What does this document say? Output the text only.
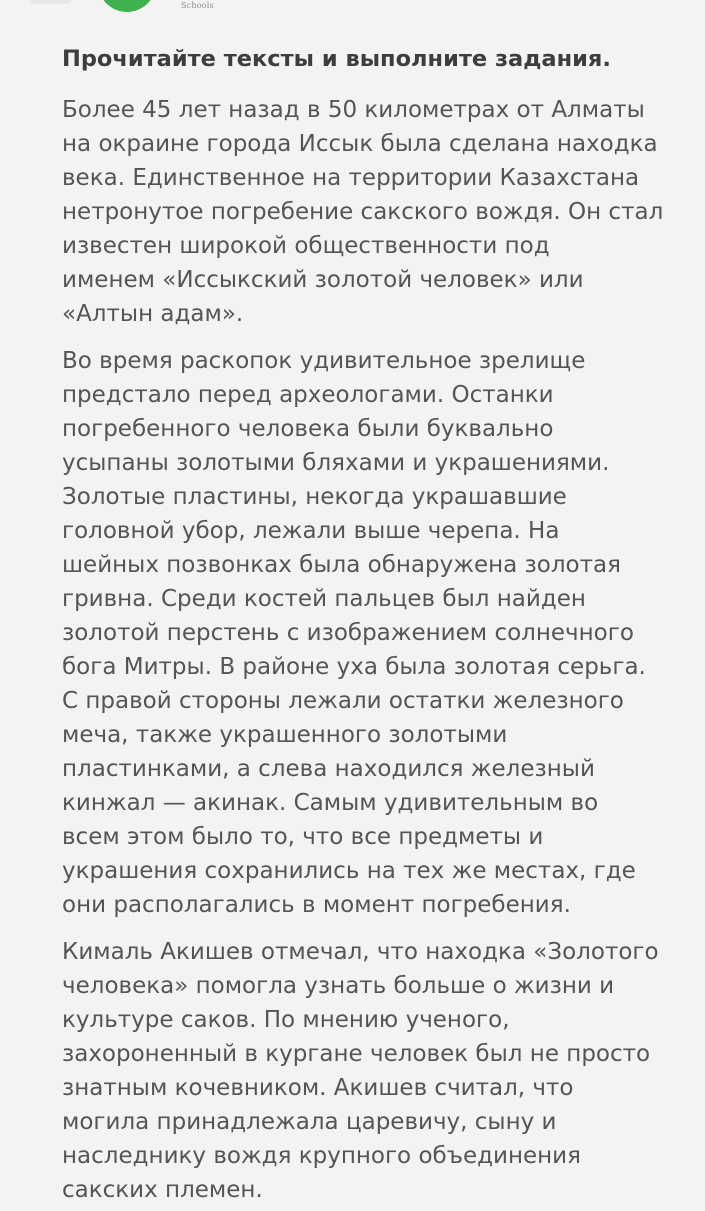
Schools
Прочитайте тексты и выполните задания.

Более 45 лет назад в 50 километрах от Алматы
на окраине города Иссык была сделана находка
века. Единственное на территории Казахстана
нетронутое погребение сакского вождя. Он стал
известен широкой общественности под
именем «Иссыкский золотой человек» или
«Алтын адам».

Во время раскопок удивительное зрелище
предстало перед археологами. Останки
погребенного человека были буквально
усыпаны золотыми бляхами и украшениями.
Золотые пластины, некогда украшавшие
головной убор, лежали выше черепа. На
шейных позвонках была обнаружена золотая
гривна. Среди костей пальцев был найден
золотой перстень с изображением солнечного
бога Митры. В районе уха была золотая серьга.
С правой стороны лежали остатки железного
меча, также украшенного золотыми
пластинками, а слева находился железный
кинжал — акинак. Самым удивительным во
всем этом было то, что все предметы и
украшения сохранились на тех же местах, где
они располагались в момент погребения.

Кималь Акишев отмечал, что находка «Золотого
человека» помогла узнать больше о жизни и
культуре саков. По мнению ученого,
захороненный в кургане человек был не просто
знатным кочевником. Акишев считал, что
могила принадлежала царевичу, сыну и
наследнику вождя крупного объединения
сакских племен.
